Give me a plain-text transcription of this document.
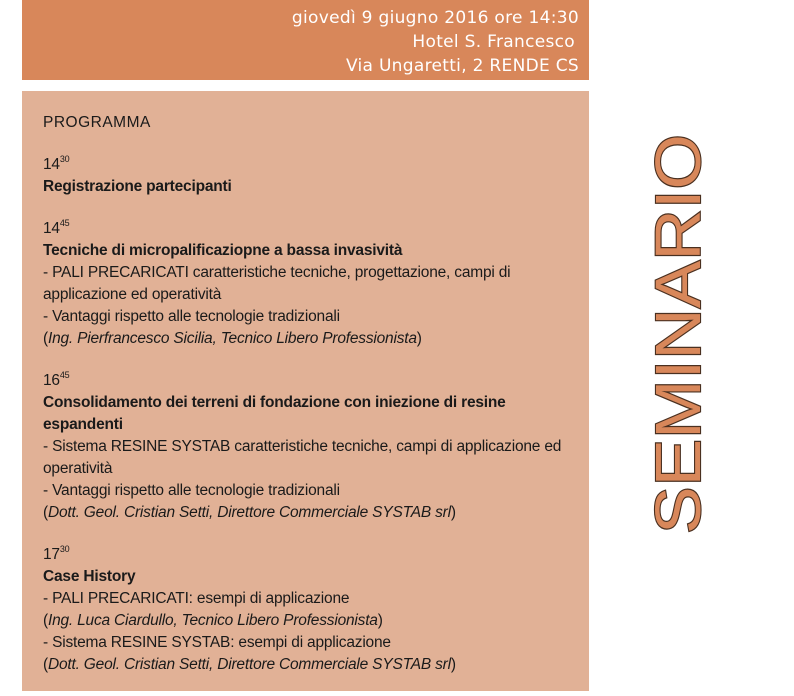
giovedì 9 giugno 2016 ore 14:30
Hotel S. Francesco
Via Ungaretti, 2 RENDE CS
PROGRAMMA
$14^{30}$
Registrazione partecipanti
$14^{45}$
Tecniche di micropalificaziopne a bassa invasività
- PALI PRECARICATI caratteristiche tecniche, progettazione, campi di applicazione ed operatività
- Vantaggi rispetto alle tecnologie tradizionali
(Ing. Pierfrancesco Sicilia, Tecnico Libero Professionista)
$16^{45}$
Consolidamento dei terreni di fondazione con iniezione di resine espandenti
- Sistema RESINE SYSTAB caratteristiche tecniche, campi di applicazione ed operatività
- Vantaggi rispetto alle tecnologie tradizionali
(Dott. Geol. Cristian Setti, Direttore Commerciale SYSTAB srl)
$17^{30}$
Case History
- PALI PRECARICATI: esempi di applicazione
(Ing. Luca Ciardullo, Tecnico Libero Professionista)
- Sistema RESINE SYSTAB: esempi di applicazione
(Dott. Geol. Cristian Setti, Direttore Commerciale SYSTAB srl)
SEMINARIO
